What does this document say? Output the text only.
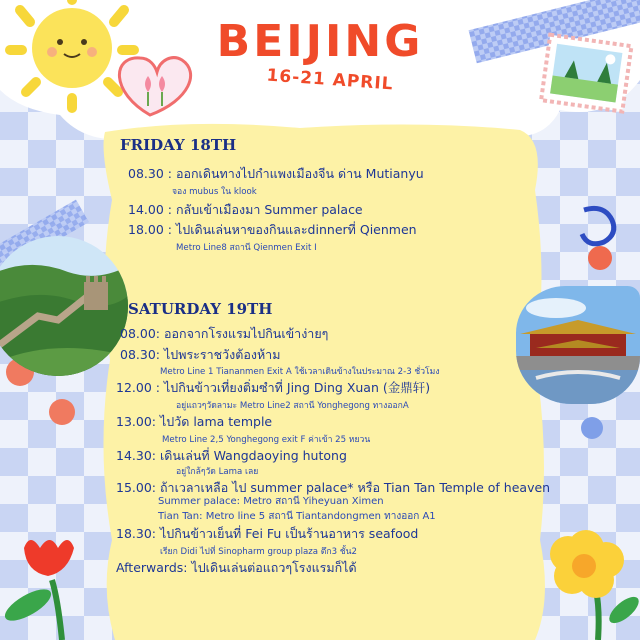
BEIJING
16-21 APRIL
FRIDAY 18TH
08.30 : ออกเดินทางไปกำแพงเมืองจีน ด่าน Mutianyu
จอง mubus ใน klook
14.00 : กลับเข้าเมืองมา Summer palace
18.00 : ไปเดินเล่นหาของกินและdinnerที่ Qienmen
Metro Line8 สถานี Qienmen Exit I
SATURDAY 19TH
08.00: ออกจากโรงแรมไปกินเข้าง่ายๆ
08.30: ไปพระราชวังต้องห้าม
Metro Line 1 Tiananmen Exit A ใช้เวลาเดินข้างในประมาณ 2-3 ชั่วโมง
12.00 : ไปกินข้าวเที่ยงติ่มซำที่ Jing Ding Xuan (金鼎轩)
อยู่แถวๆวัดลามะ Metro Line2 สถานี Yonghegong ทางออกA
13.00: ไปวัด lama temple
Metro Line 2,5 Yonghegong exit F ค่าเข้า 25 หยวน
14.30: เดินเล่นที่ Wangdaoying hutong
อยู่ใกล้ๆวัด Lama เลย
15.00: ถ้าเวลาเหลือ ไป summer palace* หรือ Tian Tan Temple of heaven
Summer palace: Metro สถานี Yiheyuan Ximen
Tian Tan: Metro line 5 สถานี Tiantandongmen ทางออก A1
18.30: ไปกินข้าวเย็นที่ Fei Fu เป็นร้านอาหาร seafood
เรียก Didi ไปที่ Sinopharm group plaza ตึก3 ชั้น2
Afterwards: ไปเดินเล่นต่อแถวๆโรงแรมก็ได้
